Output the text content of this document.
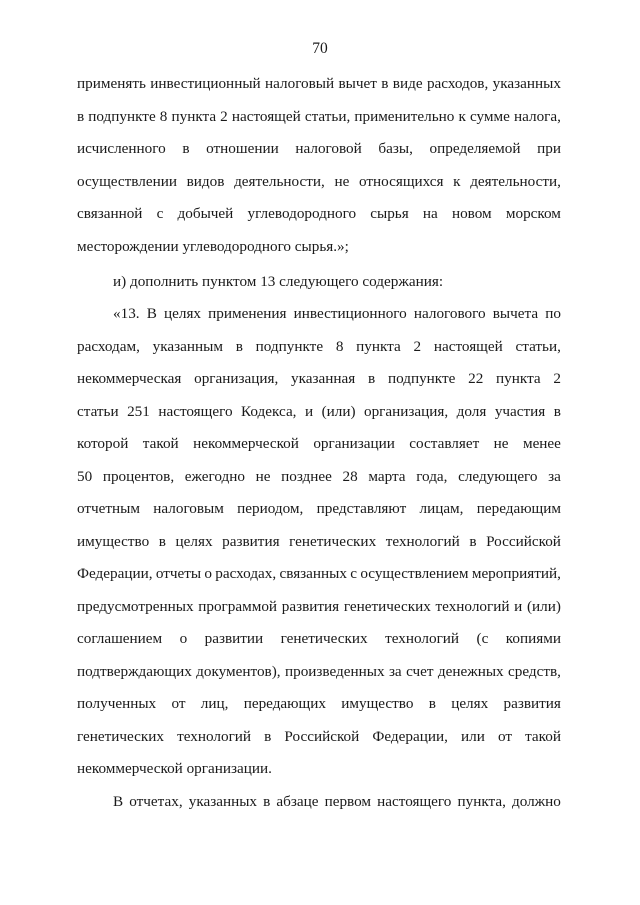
70
применять инвестиционный налоговый вычет в виде расходов, указанных
в подпункте 8 пункта 2 настоящей статьи, применительно к сумме налога,
исчисленного в отношении налоговой базы, определяемой при
осуществлении видов деятельности, не относящихся к деятельности,
связанной с добычей углеводородного сырья на новом морском
месторождении углеводородного сырья.»;
и) дополнить пунктом 13 следующего содержания:
«13. В целях применения инвестиционного налогового вычета по
расходам, указанным в подпункте 8 пункта 2 настоящей статьи,
некоммерческая организация, указанная в подпункте 22 пункта 2
статьи 251 настоящего Кодекса, и (или) организация, доля участия в
которой такой некоммерческой организации составляет не менее
50 процентов, ежегодно не позднее 28 марта года, следующего за
отчетным налоговым периодом, представляют лицам, передающим
имущество в целях развития генетических технологий в Российской
Федерации, отчеты о расходах, связанных с осуществлением мероприятий,
предусмотренных программой развития генетических технологий и (или)
соглашением о развитии генетических технологий (с копиями
подтверждающих документов), произведенных за счет денежных средств,
полученных от лиц, передающих имущество в целях развития
генетических технологий в Российской Федерации, или от такой
некоммерческой организации.
В отчетах, указанных в абзаце первом настоящего пункта, должно
